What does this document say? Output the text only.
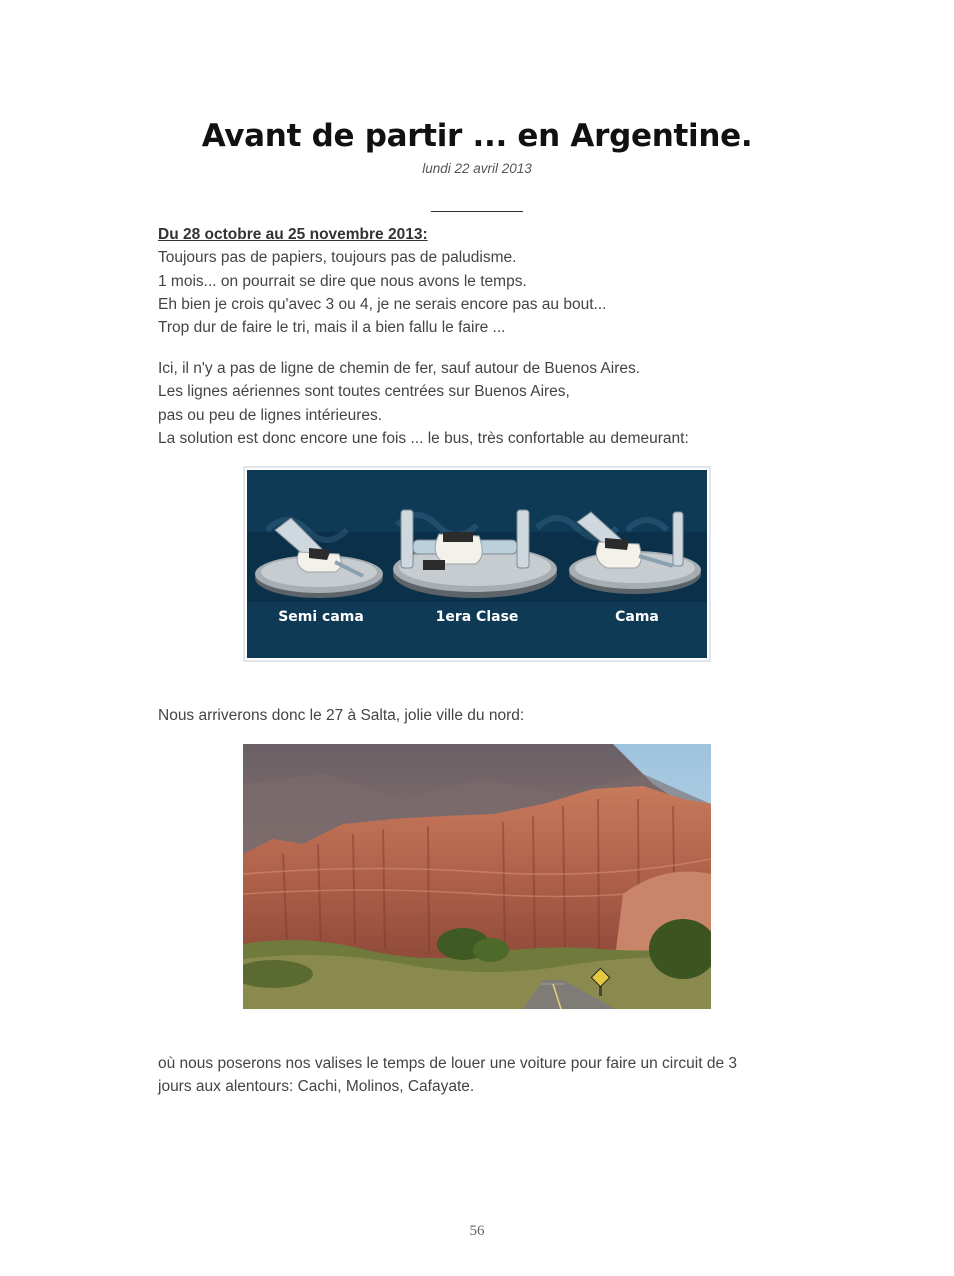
Avant de partir ... en Argentine.
lundi 22 avril 2013
___________
Du 28 octobre au 25 novembre 2013:
Toujours pas de papiers, toujours pas de paludisme.
1 mois... on pourrait se dire que nous avons le temps.
Eh bien je crois qu'avec 3 ou 4, je ne serais encore pas au bout...
Trop dur de faire le tri, mais il a bien fallu le faire ...
Ici, il n'y a pas de ligne de chemin de fer, sauf autour de Buenos Aires.
Les lignes aériennes sont toutes centrées sur Buenos Aires,
pas ou peu de lignes intérieures.
La solution est donc encore une fois ... le bus, très confortable au demeurant:
Semi cama	1era Clase	Cama
Nous arriverons donc le 27 à Salta, jolie ville du nord:
où nous poserons nos valises le temps de louer une voiture pour faire un circuit de 3
jours aux alentours: Cachi, Molinos, Cafayate.
56
